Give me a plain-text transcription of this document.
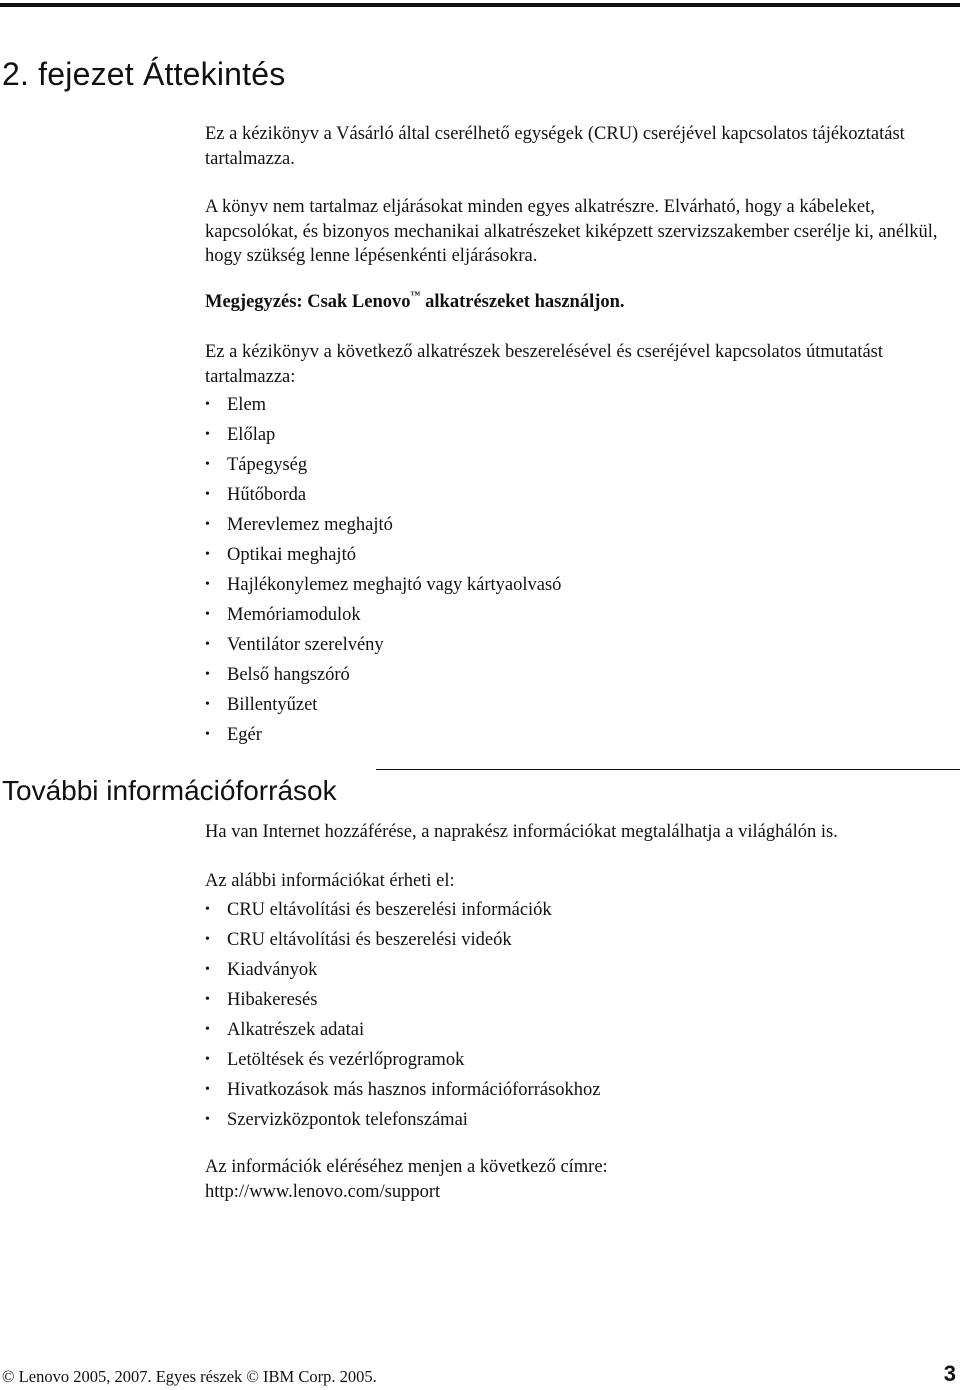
2. fejezet Áttekintés

Ez a kézikönyv a Vásárló által cserélhető egységek (CRU) cseréjével kapcsolatos tájékoztatást tartalmazza.

A könyv nem tartalmaz eljárásokat minden egyes alkatrészre. Elvárható, hogy a kábeleket, kapcsolókat, és bizonyos mechanikai alkatrészeket kiképzett szervizszakember cserélje ki, anélkül, hogy szükség lenne lépésenkénti eljárásokra.

Megjegyzés: Csak Lenovo™ alkatrészeket használjon.

Ez a kézikönyv a következő alkatrészek beszerelésével és cseréjével kapcsolatos útmutatást tartalmazza:

• Elem
• Előlap
• Tápegység
• Hűtőborda
• Merevlemez meghajtó
• Optikai meghajtó
• Hajlékonylemez meghajtó vagy kártyaolvasó
• Memóriamodulok
• Ventilátor szerelvény
• Belső hangszóró
• Billentyűzet
• Egér
További információforrások

Ha van Internet hozzáférése, a naprakész információkat megtalálhatja a világhálón is.

Az alábbi információkat érheti el:

• CRU eltávolítási és beszerelési információk
• CRU eltávolítási és beszerelési videók
• Kiadványok
• Hibakeresés
• Alkatrészek adatai
• Letöltések és vezérlőprogramok
• Hivatkozások más hasznos információforrásokhoz
• Szervizközpontok telefonszámai

Az információk eléréséhez menjen a következő címre:

http://www.lenovo.com/support

© Lenovo 2005, 2007. Egyes részek © IBM Corp. 2005.	3
